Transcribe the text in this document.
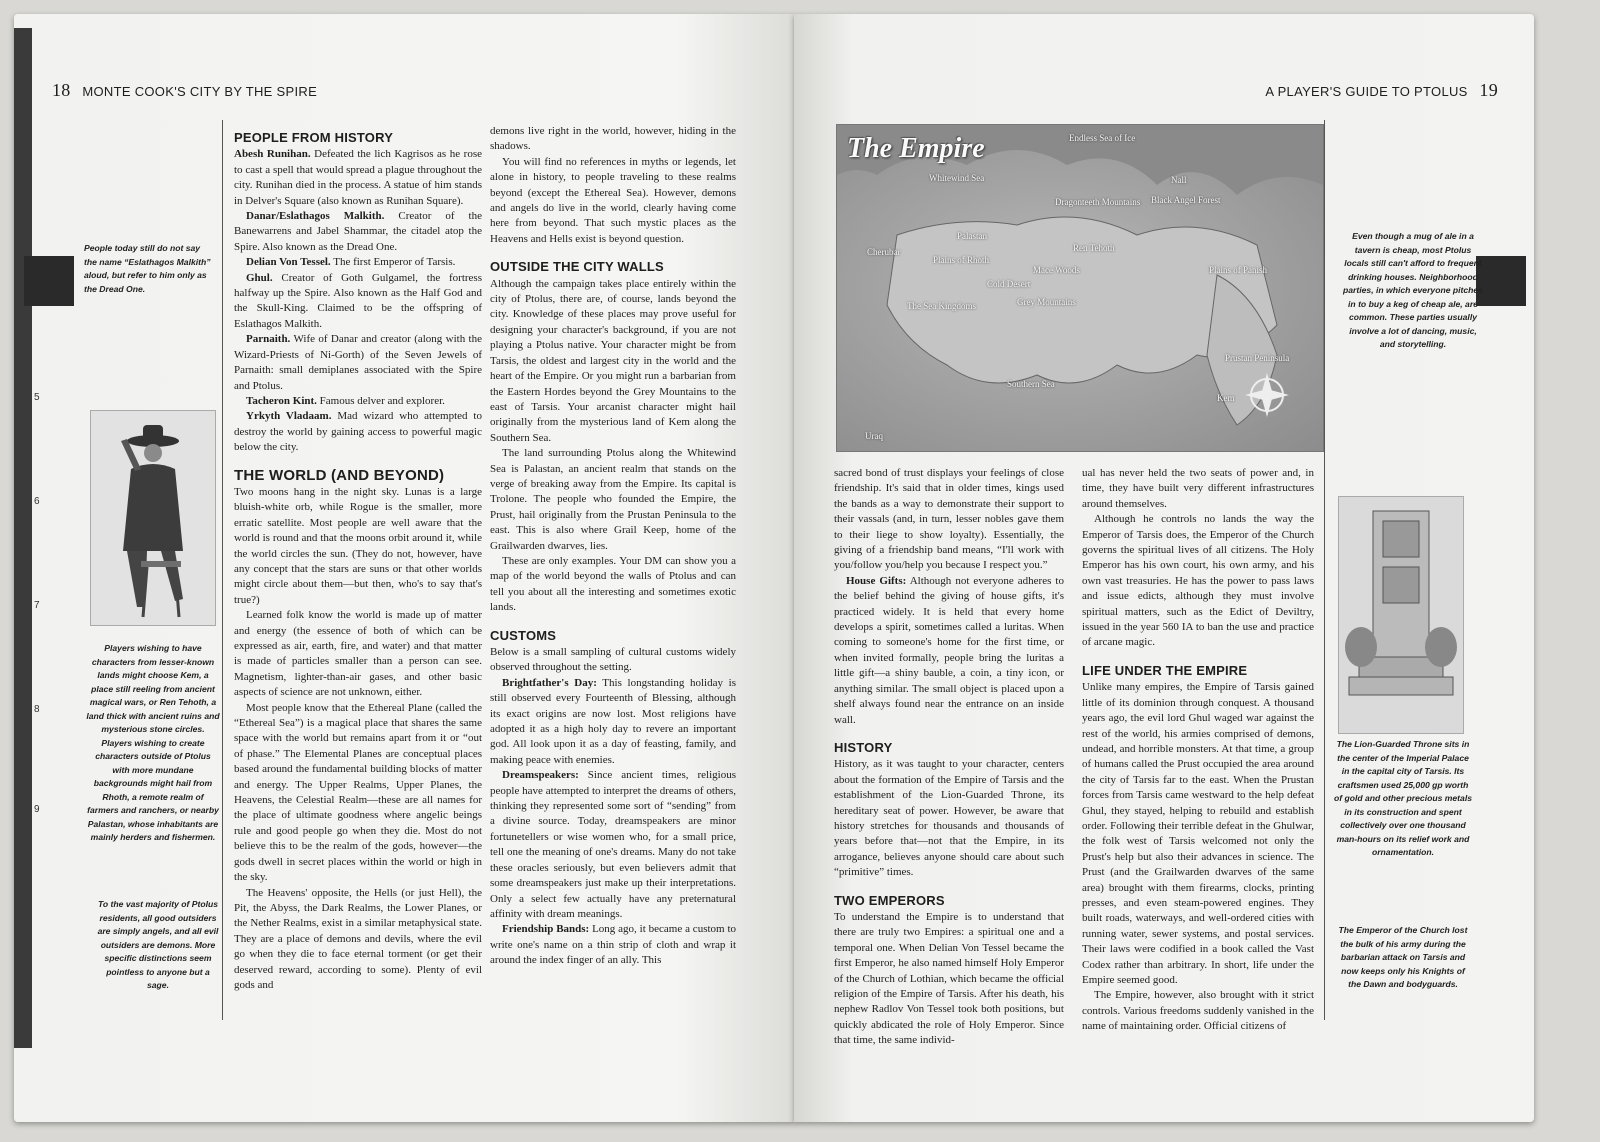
5
6
7
8
9
18 MONTE COOK'S CITY BY THE SPIRE
People today still do not say the name “Eslathagos Malkith” aloud, but refer to him only as the Dread One.
Players wishing to have characters from lesser-known lands might choose Kem, a place still reeling from ancient magical wars, or Ren Tehoth, a land thick with ancient ruins and mysterious stone circles. Players wishing to create characters outside of Ptolus with more mundane backgrounds might hail from Rhoth, a remote realm of farmers and ranchers, or nearby Palastan, whose inhabitants are mainly herders and fishermen.
To the vast majority of Ptolus residents, all good outsiders are simply angels, and all evil outsiders are demons. More specific distinctions seem pointless to anyone but a sage.
PEOPLE FROM HISTORY

Abesh Runihan. Defeated the lich Kagrisos as he rose to cast a spell that would spread a plague throughout the city. Runihan died in the process. A statue of him stands in Delver's Square (also known as Runihan Square).

Danar/Eslathagos Malkith. Creator of the Banewarrens and Jabel Shammar, the citadel atop the Spire. Also known as the Dread One.

Delian Von Tessel. The first Emperor of Tarsis.

Ghul. Creator of Goth Gulgamel, the fortress halfway up the Spire. Also known as the Half God and the Skull-King. Claimed to be the offspring of Eslathagos Malkith.

Parnaith. Wife of Danar and creator (along with the Wizard-Priests of Ni-Gorth) of the Seven Jewels of Parnaith: small demiplanes associated with the Spire and Ptolus.

Tacheron Kint. Famous delver and explorer.

Yrkyth Vladaam. Mad wizard who attempted to destroy the world by gaining access to powerful magic below the city.

THE WORLD (AND BEYOND)

Two moons hang in the night sky. Lunas is a large bluish-white orb, while Rogue is the smaller, more erratic satellite. Most people are well aware that the world is round and that the moons orbit around it, while the world circles the sun. (They do not, however, have any concept that the stars are suns or that other worlds might circle about them—but then, who's to say that's true?)

Learned folk know the world is made up of matter and energy (the essence of both of which can be expressed as air, earth, fire, and water) and that matter is made of particles smaller than a person can see. Magnetism, lighter-than-air gases, and other basic aspects of science are not unknown, either.

Most people know that the Ethereal Plane (called the “Ethereal Sea”) is a magical place that shares the same space with the world but remains apart from it or “out of phase.” The Elemental Planes are conceptual places based around the fundamental building blocks of matter and energy. The Upper Realms, Upper Planes, the Heavens, the Celestial Realm—these are all names for the place of ultimate goodness where angelic beings rule and good people go when they die. Most do not believe this to be the realm of the gods, however—the gods dwell in secret places within the world or high in the sky.

The Heavens' opposite, the Hells (or just Hell), the Pit, the Abyss, the Dark Realms, the Lower Planes, or the Nether Realms, exist in a similar metaphysical state. They are a place of demons and devils, where the evil go when they die to face eternal torment (or get their deserved reward, according to some). Plenty of evil gods and

demons live right in the world, however, hiding in the shadows.

You will find no references in myths or legends, let alone in history, to people traveling to these realms beyond (except the Ethereal Sea). However, demons and angels do live in the world, clearly having come here from beyond. That such mystic places as the Heavens and Hells exist is beyond question.

OUTSIDE THE CITY WALLS

Although the campaign takes place entirely within the city of Ptolus, there are, of course, lands beyond the city. Knowledge of these places may prove useful for designing your character's background, if you are not playing a Ptolus native. Your character might be from Tarsis, the oldest and largest city in the world and the heart of the Empire. Or you might run a barbarian from the Eastern Hordes beyond the Grey Mountains to the east of Tarsis. Your arcanist character might hail originally from the mysterious land of Kem along the Southern Sea.

The land surrounding Ptolus along the Whitewind Sea is Palastan, an ancient realm that stands on the verge of breaking away from the Empire. Its capital is Trolone. The people who founded the Empire, the Prust, hail originally from the Prustan Peninsula to the east. This is also where Grail Keep, home of the Grailwarden dwarves, lies.

These are only examples. Your DM can show you a map of the world beyond the walls of Ptolus and can tell you about all the interesting and sometimes exotic lands.

CUSTOMS

Below is a small sampling of cultural customs widely observed throughout the setting.

Brightfather's Day: This longstanding holiday is still observed every Fourteenth of Blessing, although its exact origins are now lost. Most religions have adopted it as a high holy day to revere an important god. All look upon it as a day of feasting, family, and making peace with enemies.

Dreamspeakers: Since ancient times, religious people have attempted to interpret the dreams of others, thinking they represented some sort of “sending” from a divine source. Today, dreamspeakers are minor fortunetellers or wise women who, for a small price, tell one the meaning of one's dreams. Many do not take these oracles seriously, but even believers admit that some dreamspeakers just make up their interpretations. Only a select few actually have any preternatural affinity with dream meanings.

Friendship Bands: Long ago, it became a custom to write one's name on a thin strip of cloth and wrap it around the index finger of an ally. This

A PLAYER'S GUIDE TO PTOLUS 19
The Empire	Endless Sea of Ice
Whitewind Sea	Nall
Dragonteeth Mountains Black Angel Forest
Palastan
Ren Tehoth
Cherubar
Plains of Rhoth
Plains of Panish
Cold Desert
Mace Woods
Grey Mountains
The Sea Kingdoms
Southern Sea
Prustan Peninsula
Kem
Uraq
Even though a mug of ale in a tavern is cheap, most Ptolus locals still can't afford to frequent drinking houses. Neighborhood parties, in which everyone pitches in to buy a keg of cheap ale, are common. These parties usually involve a lot of dancing, music, and storytelling.
The Lion-Guarded Throne sits in the center of the Imperial Palace in the capital city of Tarsis. Its craftsmen used 25,000 gp worth of gold and other precious metals in its construction and spent collectively over one thousand man-hours on its relief work and ornamentation.
The Emperor of the Church lost the bulk of his army during the barbarian attack on Tarsis and now keeps only his Knights of the Dawn and bodyguards.

sacred bond of trust displays your feelings of close friendship. It's said that in older times, kings used the bands as a way to demonstrate their support to their vassals (and, in turn, lesser nobles gave them to their liege to show loyalty). Essentially, the giving of a friendship band means, “I'll work with you/follow you/help you because I respect you.”

House Gifts: Although not everyone adheres to the belief behind the giving of house gifts, it's practiced widely. It is held that every home develops a spirit, sometimes called a luritas. When coming to someone's home for the first time, or when invited formally, people bring the luritas a little gift—a shiny bauble, a coin, a tiny icon, or anything similar. The small object is placed upon a shelf always found near the entrance on an inside wall.

HISTORY

History, as it was taught to your character, centers about the formation of the Empire of Tarsis and the establishment of the Lion-Guarded Throne, its hereditary seat of power. However, be aware that history stretches for thousands and thousands of years before that—not that the Empire, in its arrogance, believes anyone should care about such “primitive” times.

TWO EMPERORS

To understand the Empire is to understand that there are truly two Empires: a spiritual one and a temporal one. When Delian Von Tessel became the first Emperor, he also named himself Holy Emperor of the Church of Lothian, which became the official religion of the Empire of Tarsis. After his death, his nephew Radlov Von Tessel took both positions, but quickly abdicated the role of Holy Emperor. Since that time, the same individ-

ual has never held the two seats of power and, in time, they have built very different infrastructures around themselves.

Although he controls no lands the way the Emperor of Tarsis does, the Emperor of the Church governs the spiritual lives of all citizens. The Holy Emperor has his own court, his own army, and his own vast treasuries. He has the power to pass laws and issue edicts, although they must involve spiritual matters, such as the Edict of Deviltry, issued in the year 560 IA to ban the use and practice of arcane magic.

LIFE UNDER THE EMPIRE

Unlike many empires, the Empire of Tarsis gained little of its dominion through conquest. A thousand years ago, the evil lord Ghul waged war against the rest of the world, his armies comprised of demons, undead, and horrible monsters. At that time, a group of humans called the Prust occupied the area around the city of Tarsis far to the east. When the Prustan forces from Tarsis came westward to the help defeat Ghul, they stayed, helping to rebuild and establish order. Following their terrible defeat in the Ghulwar, the folk west of Tarsis welcomed not only the Prust's help but also their advances in science. The Prust (and the Grailwarden dwarves of the same area) brought with them firearms, clocks, printing presses, and even steam-powered engines. They built roads, waterways, and well-ordered cities with running water, sewer systems, and postal services. Their laws were codified in a book called the Vast Codex rather than arbitrary. In short, life under the Empire seemed good.

The Empire, however, also brought with it strict controls. Various freedoms suddenly vanished in the name of maintaining order. Official citizens of
